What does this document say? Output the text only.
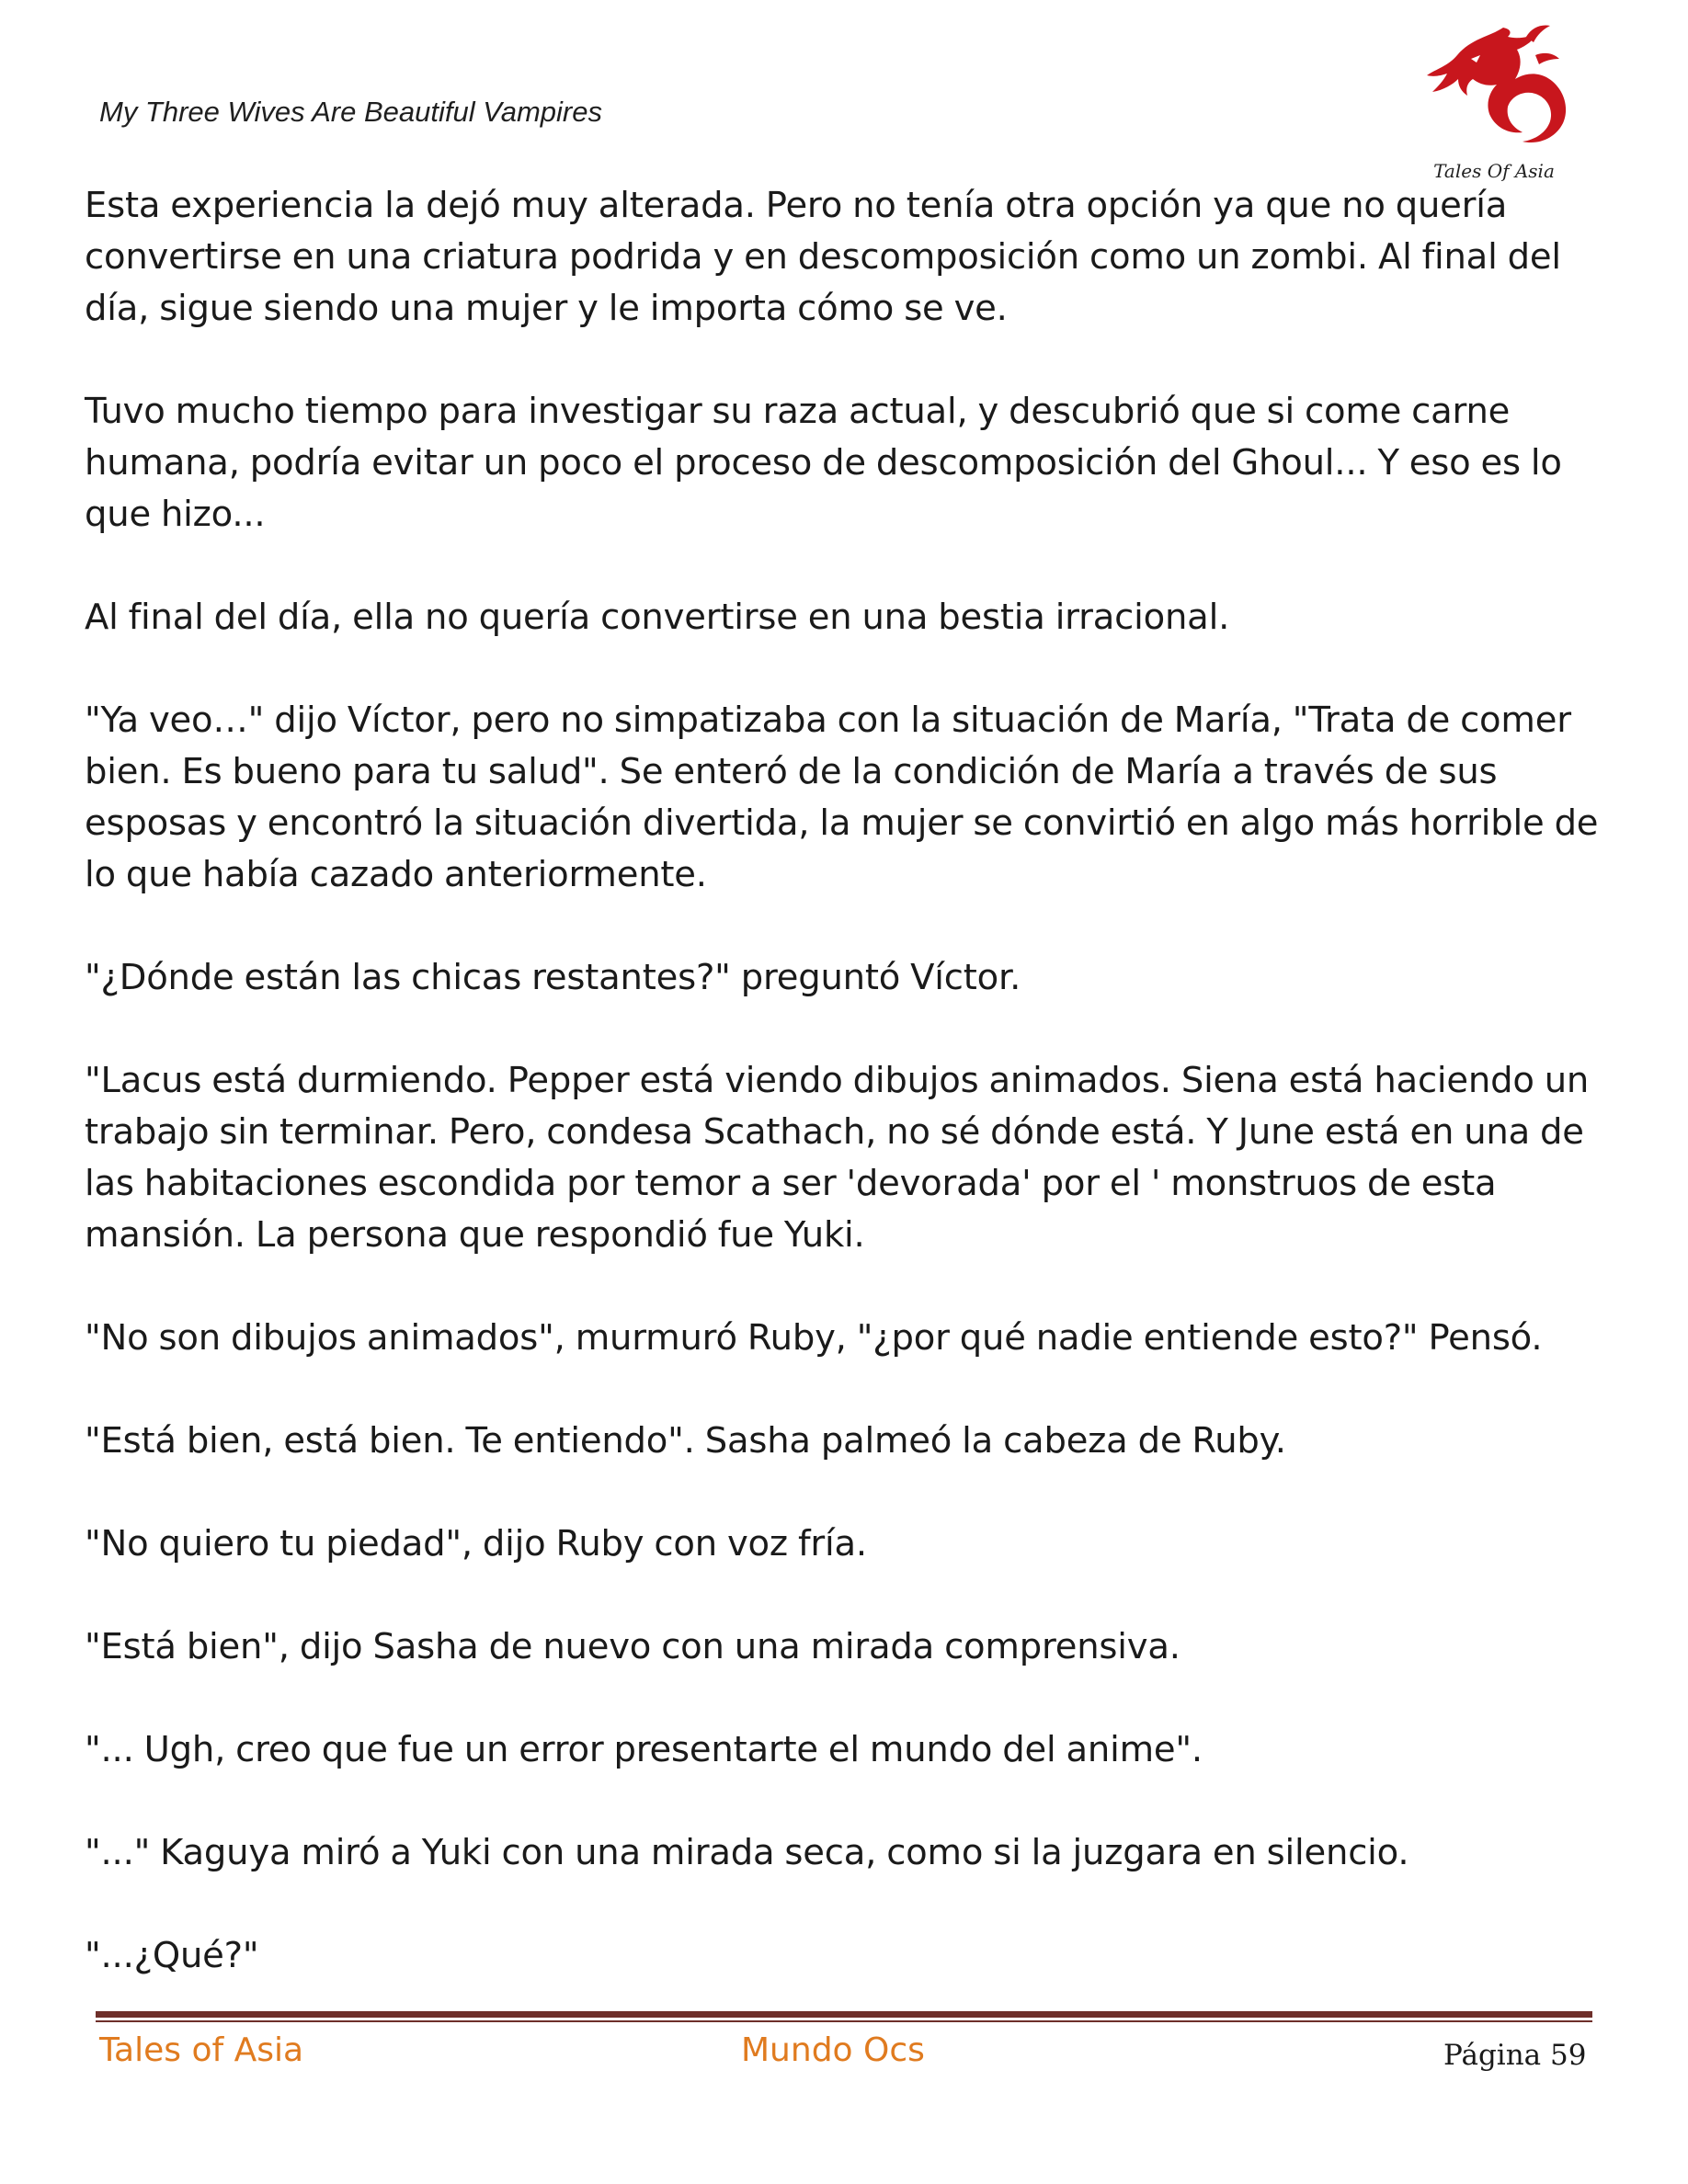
My Three Wives Are Beautiful Vampires
Tales Of Asia

Esta experiencia la dejó muy alterada. Pero no tenía otra opción ya que no quería convertirse en una criatura podrida y en descomposición como un zombi. Al final del día, sigue siendo una mujer y le importa cómo se ve.

Tuvo mucho tiempo para investigar su raza actual, y descubrió que si come carne humana, podría evitar un poco el proceso de descomposición del Ghoul... Y eso es lo que hizo...

Al final del día, ella no quería convertirse en una bestia irracional.

"Ya veo…" dijo Víctor, pero no simpatizaba con la situación de María, "Trata de comer bien. Es bueno para tu salud". Se enteró de la condición de María a través de sus esposas y encontró la situación divertida, la mujer se convirtió en algo más horrible de lo que había cazado anteriormente.

"¿Dónde están las chicas restantes?" preguntó Víctor.

"Lacus está durmiendo. Pepper está viendo dibujos animados. Siena está haciendo un trabajo sin terminar. Pero, condesa Scathach, no sé dónde está. Y June está en una de las habitaciones escondida por temor a ser 'devorada' por el ' monstruos de esta mansión. La persona que respondió fue Yuki.

"No son dibujos animados", murmuró Ruby, "¿por qué nadie entiende esto?" Pensó.

"Está bien, está bien. Te entiendo". Sasha palmeó la cabeza de Ruby.

"No quiero tu piedad", dijo Ruby con voz fría.

"Está bien", dijo Sasha de nuevo con una mirada comprensiva.

"... Ugh, creo que fue un error presentarte el mundo del anime".

"..." Kaguya miró a Yuki con una mirada seca, como si la juzgara en silencio.

"...¿Qué?"

Tales of Asia	Mundo Ocs	Página 59
